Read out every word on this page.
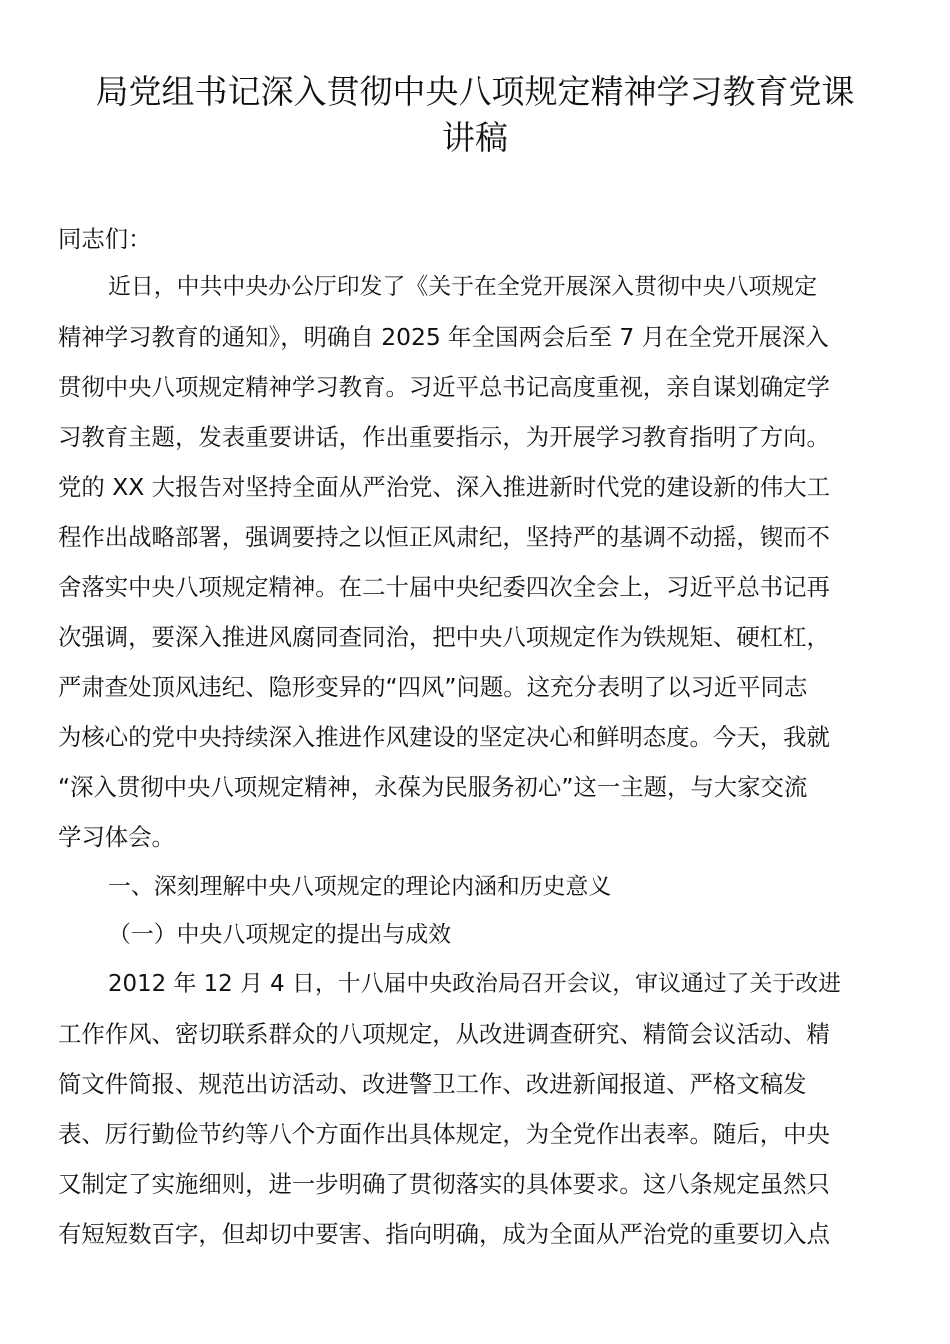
局党组书记深入贯彻中央八项规定精神学习教育党课
讲稿

同志们：

近日，中共中央办公厅印发了《关于在全党开展深入贯彻中央八项规定

精神学习教育的通知》，明确自 2025 年全国两会后至 7 月在全党开展深入

贯彻中央八项规定精神学习教育。习近平总书记高度重视，亲自谋划确定学

习教育主题，发表重要讲话，作出重要指示，为开展学习教育指明了方向。

党的 XX 大报告对坚持全面从严治党、深入推进新时代党的建设新的伟大工

程作出战略部署，强调要持之以恒正风肃纪，坚持严的基调不动摇，锲而不

舍落实中央八项规定精神。在二十届中央纪委四次全会上，习近平总书记再

次强调，要深入推进风腐同查同治，把中央八项规定作为铁规矩、硬杠杠，

严肃查处顶风违纪、隐形变异的“四风”问题。这充分表明了以习近平同志

为核心的党中央持续深入推进作风建设的坚定决心和鲜明态度。今天，我就

“深入贯彻中央八项规定精神，永葆为民服务初心”这一主题，与大家交流

学习体会。

一、深刻理解中央八项规定的理论内涵和历史意义

（一）中央八项规定的提出与成效

2012 年 12 月 4 日，十八届中央政治局召开会议，审议通过了关于改进

工作作风、密切联系群众的八项规定，从改进调查研究、精简会议活动、精

简文件简报、规范出访活动、改进警卫工作、改进新闻报道、严格文稿发

表、厉行勤俭节约等八个方面作出具体规定，为全党作出表率。随后，中央

又制定了实施细则，进一步明确了贯彻落实的具体要求。这八条规定虽然只

有短短数百字，但却切中要害、指向明确，成为全面从严治党的重要切入点
